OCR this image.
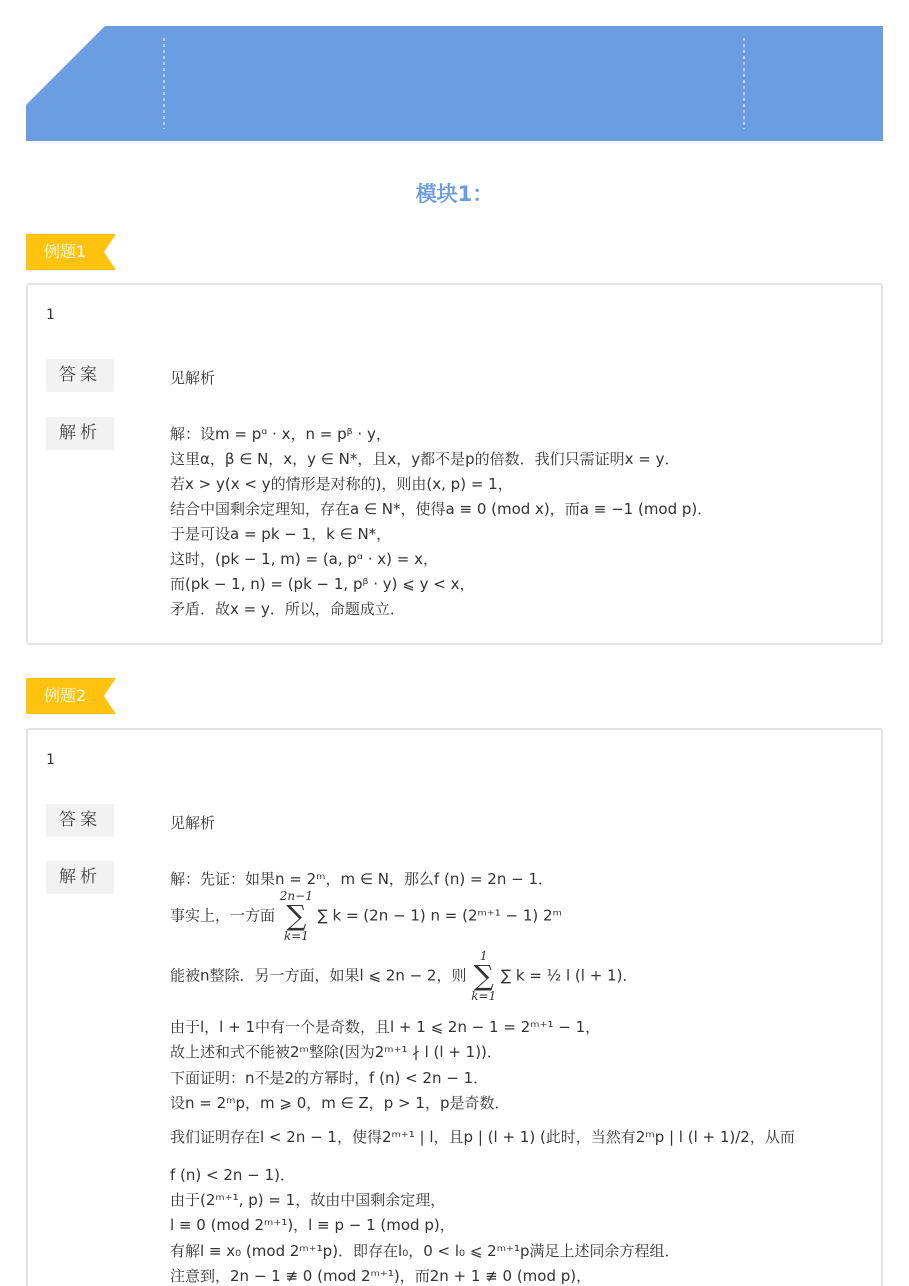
模块1：
例题1
1
答案	见解析
解析	解：设m = pᵅ · x，n = pᵝ · y，
这里α，β ∈ N，x，y ∈ N*，且x，y都不是p的倍数．我们只需证明x = y．
若x > y(x < y的情形是对称的)，则由(x, p) = 1，
结合中国剩余定理知，存在a ∈ N*，使得a ≡ 0 (mod x)，而a ≡ −1 (mod p)．
于是可设a = pk − 1，k ∈ N*，
这时，(pk − 1, m) = (a, pᵅ · x) = x，
而(pk − 1, n) = (pk − 1, pᵝ · y) ⩽ y < x，
矛盾．故x = y．所以，命题成立．
例题2
1
答案	见解析
解析	解：先证：如果n = 2ᵐ，m ∈ N，那么f (n) = 2n − 1．
事实上，一方面
2n−1
∑
k=1
∑ k = (2n − 1) n = (2ᵐ⁺¹ − 1) 2ᵐ
能被n整除．另一方面，如果l ⩽ 2n − 2，则
1
∑
k=1
∑ k = ½ l (l + 1)．
由于l，l + 1中有一个是奇数，且l + 1 ⩽ 2n − 1 = 2ᵐ⁺¹ − 1，
故上述和式不能被2ᵐ整除(因为2ᵐ⁺¹ ∤ l (l + 1))．
下面证明：n不是2的方幂时，f (n) < 2n − 1．
设n = 2ᵐp，m ⩾ 0，m ∈ Z，p > 1，p是奇数．
我们证明存在l < 2n − 1，使得2ᵐ⁺¹ | l，且p | (l + 1) (此时，当然有2ᵐp | l (l + 1)/2，从而
f (n) < 2n − 1)．
由于(2ᵐ⁺¹, p) = 1，故由中国剩余定理，
l ≡ 0 (mod 2ᵐ⁺¹)，l ≡ p − 1 (mod p)，
有解l ≡ x₀ (mod 2ᵐ⁺¹p)．即存在l₀，0 < l₀ ⩽ 2ᵐ⁺¹p满足上述同余方程组．
注意到，2n − 1 ≢ 0 (mod 2ᵐ⁺¹)，而2n + 1 ≢ 0 (mod p)，
